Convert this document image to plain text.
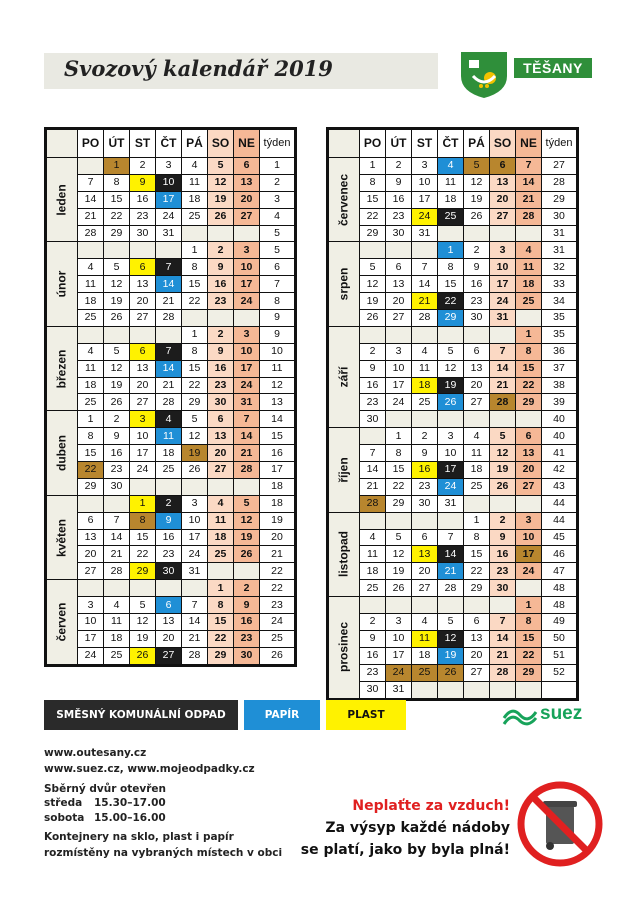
Svozový kalendář 2019	TĚŠANY
	PO	ÚT	ST	ČT	PÁ	SO	NE	týden

leden		1	2	3	4	5	6	1
	7	8	9	10	11	12	13	2
	14	15	16	17	18	19	20	3
	21	22	23	24	25	26	27	4
	28	29	30	31				5

únor					1	2	3	5
	4	5	6	7	8	9	10	6
	11	12	13	14	15	16	17	7
	18	19	20	21	22	23	24	8
	25	26	27	28				9

březen					1	2	3	9
	4	5	6	7	8	9	10	10
	11	12	13	14	15	16	17	11
	18	19	20	21	22	23	24	12
	25	26	27	28	29	30	31	13

duben	1	2	3	4	5	6	7	14
	8	9	10	11	12	13	14	15
	15	16	17	18	19	20	21	16
	22	23	24	25	26	27	28	17
	29	30						18

květen			1	2	3	4	5	18
	6	7	8	9	10	11	12	19
	13	14	15	16	17	18	19	20
	20	21	22	23	24	25	26	21
	27	28	29	30	31			22

červen						1	2	22
	3	4	5	6	7	8	9	23
	10	11	12	13	14	15	16	24
	17	18	19	20	21	22	23	25
	24	25	26	27	28	29	30	26
	PO	ÚT	ST	ČT	PÁ	SO	NE	týden

červenec	1	2	3	4	5	6	7	27
	8	9	10	11	12	13	14	28
	15	16	17	18	19	20	21	29
	22	23	24	25	26	27	28	30
	29	30	31					31

srpen				1	2	3	4	31
	5	6	7	8	9	10	11	32
	12	13	14	15	16	17	18	33
	19	20	21	22	23	24	25	34
	26	27	28	29	30	31		35

září							1	35
	2	3	4	5	6	7	8	36
	9	10	11	12	13	14	15	37
	16	17	18	19	20	21	22	38
	23	24	25	26	27	28	29	39
	30							40

říjen		1	2	3	4	5	6	40
	7	8	9	10	11	12	13	41
	14	15	16	17	18	19	20	42
	21	22	23	24	25	26	27	43
	28	29	30	31				44

listopad					1	2	3	44
	4	5	6	7	8	9	10	45
	11	12	13	14	15	16	17	46
	18	19	20	21	22	23	24	47
	25	26	27	28	29	30		48

prosinec							1	48
	2	3	4	5	6	7	8	49
	9	10	11	12	13	14	15	50
	16	17	18	19	20	21	22	51
	23	24	25	26	27	28	29	52
	30	31						
SMĚSNÝ KOMUNÁLNÍ ODPAD	PAPÍR	PLAST	suez
www.outesany.cz
www.suez.cz, www.mojeodpadky.cz
Sběrný dvůr otevřen
středa 15.30–17.00
sobota 15.00–16.00
Kontejnery na sklo, plast i papír
rozmístěny na vybraných místech v obci
Neplaťte za vzduch!
Za výsyp každé nádoby
se platí, jako by byla plná!
